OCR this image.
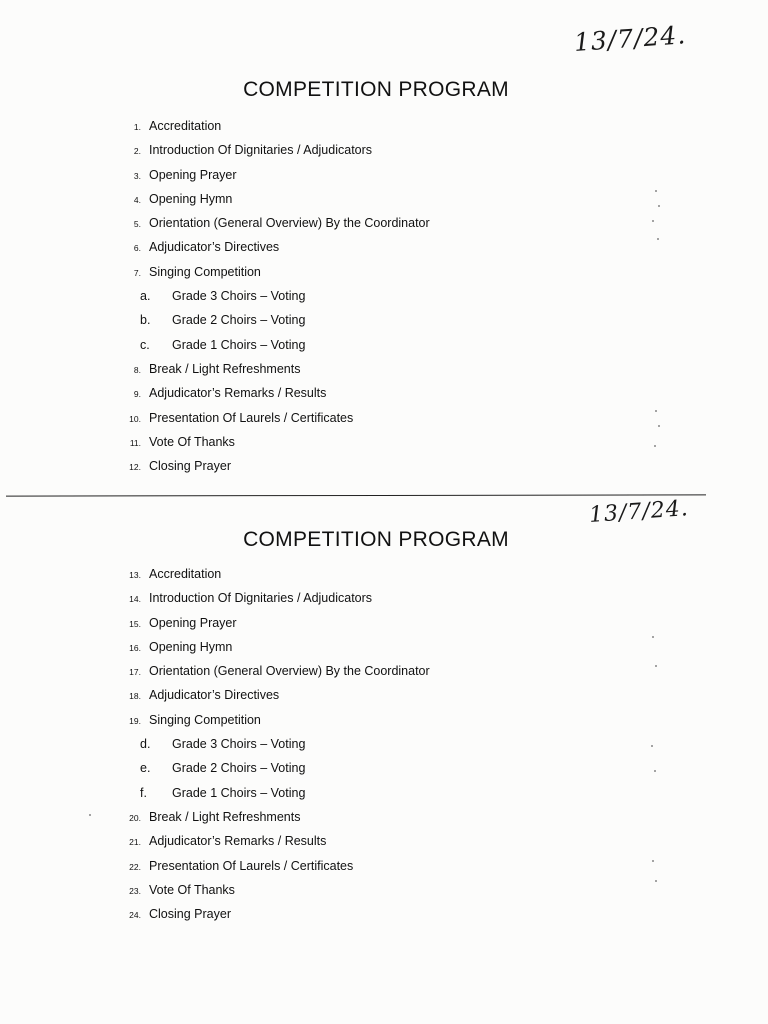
13/7/24.
COMPETITION PROGRAM
1. Accreditation
2. Introduction Of Dignitaries / Adjudicators
3. Opening Prayer
4. Opening Hymn
5. Orientation (General Overview) By the Coordinator
6. Adjudicator’s Directives
7. Singing Competition
a.	Grade 3 Choirs – Voting
b.	Grade 2 Choirs – Voting
c.	Grade 1 Choirs – Voting
8. Break / Light Refreshments
9. Adjudicator’s Remarks / Results
10. Presentation Of Laurels / Certificates
11. Vote Of Thanks
12. Closing Prayer
13/7/24.
COMPETITION PROGRAM
13. Accreditation
14. Introduction Of Dignitaries / Adjudicators
15. Opening Prayer
16. Opening Hymn
17. Orientation (General Overview) By the Coordinator
18. Adjudicator’s Directives
19. Singing Competition
d.	Grade 3 Choirs – Voting
e.	Grade 2 Choirs – Voting
f.	Grade 1 Choirs – Voting
20. Break / Light Refreshments
21. Adjudicator’s Remarks / Results
22. Presentation Of Laurels / Certificates
23. Vote Of Thanks
24. Closing Prayer
